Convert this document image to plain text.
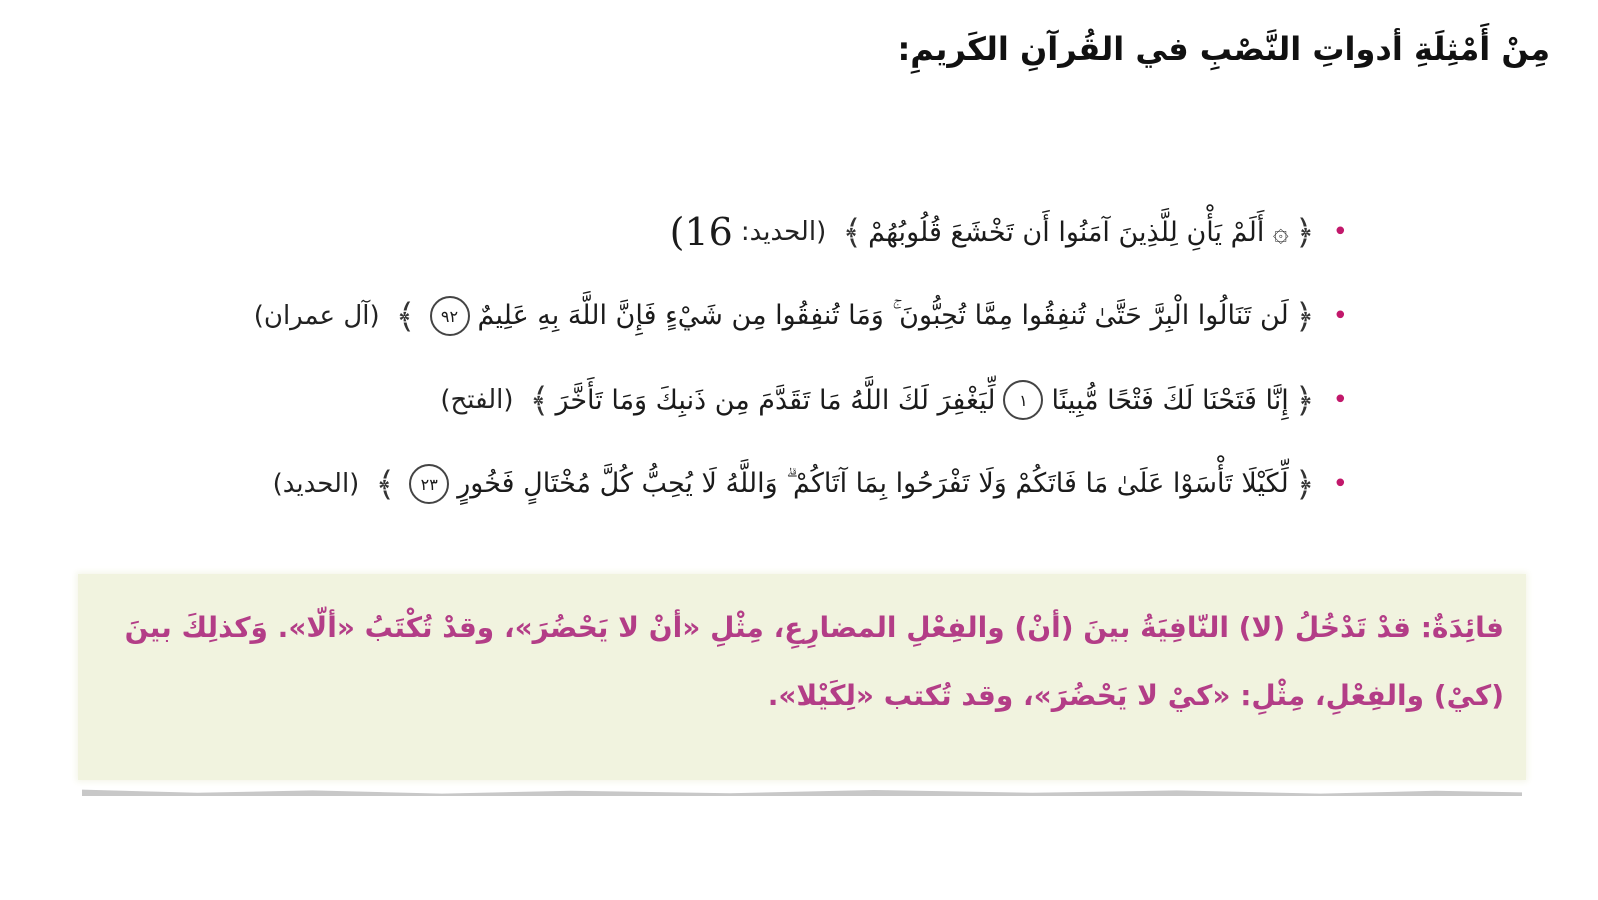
مِنْ أَمْثِلَةِ أدواتِ النَّصْبِ في القُرآنِ الكَريمِ:
•
﴿
۞ أَلَمْ يَأْنِ لِلَّذِينَ آمَنُوا أَن تَخْشَعَ قُلُوبُهُمْ
﴾
(الحديد:
16)
•
﴿
لَن تَنَالُوا الْبِرَّ حَتَّىٰ تُنفِقُوا مِمَّا تُحِبُّونَ ۚ وَمَا تُنفِقُوا مِن شَيْءٍ فَإِنَّ اللَّهَ بِهِ عَلِيمٌ
٩٢
﴾
(آل عمران)
•
﴿
إِنَّا فَتَحْنَا لَكَ فَتْحًا مُّبِينًا
١
لِّيَغْفِرَ لَكَ اللَّهُ مَا تَقَدَّمَ مِن ذَنبِكَ وَمَا تَأَخَّرَ
﴾
(الفتح)
•
﴿
لِّكَيْلَا تَأْسَوْا عَلَىٰ مَا فَاتَكُمْ وَلَا تَفْرَحُوا بِمَا آتَاكُمْ ۗ وَاللَّهُ لَا يُحِبُّ كُلَّ مُخْتَالٍ فَخُورٍ
٢٣
﴾
(الحديد)
فائِدَةٌ: قدْ تَدْخُلُ (لا) النّافِيَةُ بينَ (أنْ) والفِعْلِ المضارِعِ، مِثْلِ «أنْ لا يَحْضُرَ»، وقدْ تُكْتَبُ «ألّا». وَكذلِكَ بينَ
(كيْ) والفِعْلِ، مِثْلِ: «كيْ لا يَحْضُرَ»، وقد تُكتب «لِكَيْلا».
